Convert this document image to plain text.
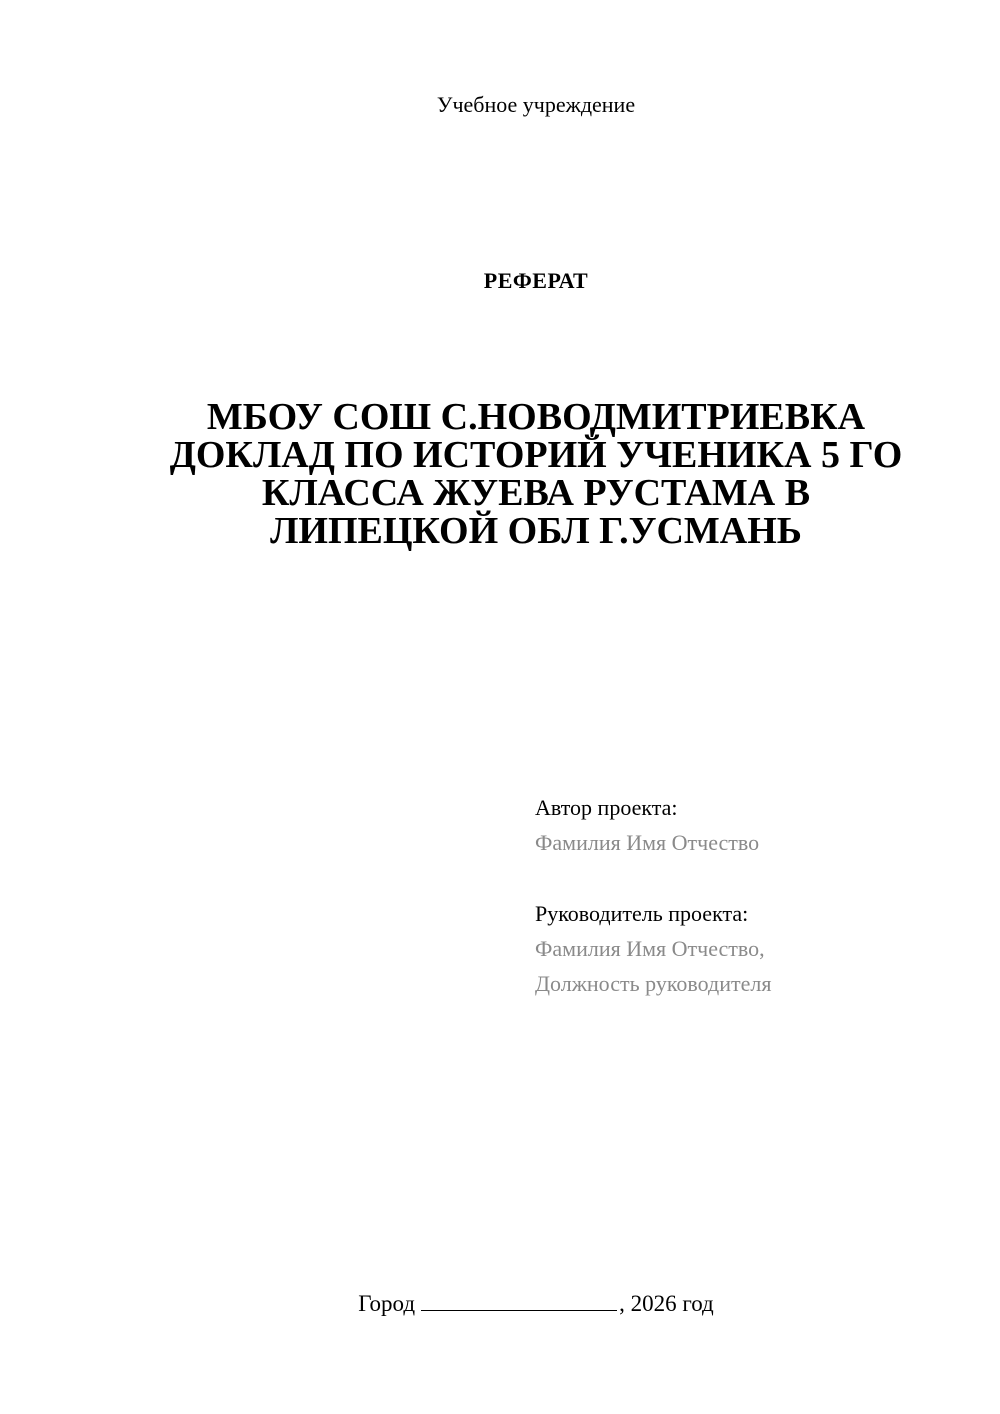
Учебное учреждение
РЕФЕРАТ
МБОУ СОШ С.НОВОДМИТРИЕВКА
ДОКЛАД ПО ИСТОРИЙ УЧЕНИКА 5 ГО
КЛАССА ЖУЕВА РУСТАМА В
ЛИПЕЦКОЙ ОБЛ Г.УСМАНЬ
Автор проекта:
Фамилия Имя Отчество
Руководитель проекта:
Фамилия Имя Отчество,
Должность руководителя
Город	, 2026 год
